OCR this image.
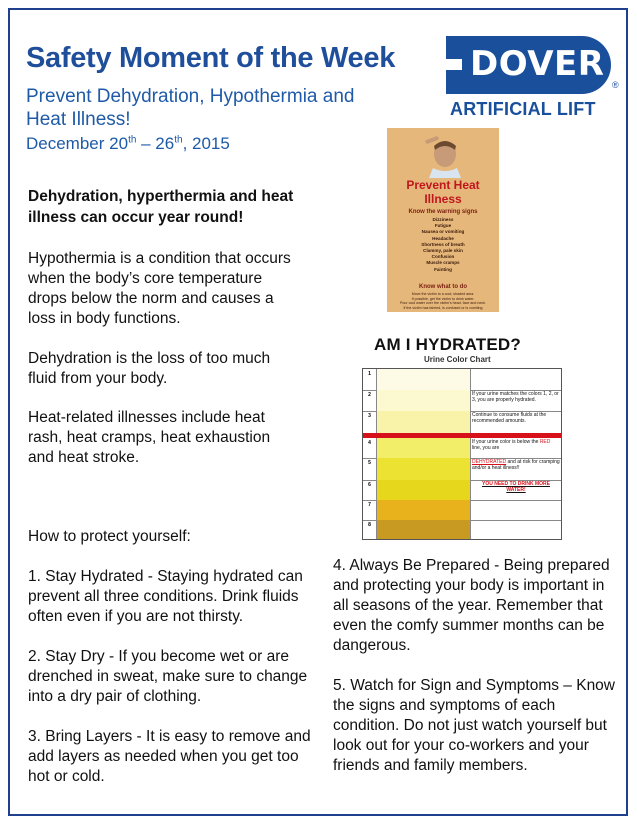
Safety Moment of the Week
Prevent Dehydration, Hypothermia and Heat Illness!
December 20th – 26th, 2015
DOVER
®
ARTIFICIAL LIFT
Dehydration, hyperthermia and heat illness can occur year round!
Hypothermia is a condition that occurs when the body’s core temperature drops below the norm and causes a loss in body functions.
Dehydration is the loss of too much fluid from your body.
Heat-related illnesses include heat rash, heat cramps, heat exhaustion and heat stroke.
Prevent Heat Illness
Know the warning signs
Dizziness
Fatigue
Nausea or vomiting
Headache
Shortness of breath
Clammy, pale skin
Confusion
Muscle cramps
Fainting
Know what to do
Move the victim to a cool, shaded area.
If possible, get the victim to drink water.
Pour cool water over the victim's head, face and neck.
If the victim has fainted, is confused or is vomiting
AM I HYDRATED?
Urine Color Chart
1
2	If your urine matches the colors 1, 2, or 3, you are properly hydrated.
3	Continue to consume fluids at the recommended amounts.
4	If your urine color is below the RED line, you are
5	DEHYDRATED and at risk for cramping and/or a heat illness!!
6	YOU NEED TO DRINK MORE WATER!
7
8

How to protect yourself:

1. Stay Hydrated - Staying hydrated can prevent all three conditions. Drink fluids often even if you are not thirsty.

2. Stay Dry - If you become wet or are drenched in sweat, make sure to change into a dry pair of clothing.

3. Bring Layers - It is easy to remove and add layers as needed when you get too hot or cold.

4. Always Be Prepared - Being prepared and protecting your body is important in all seasons of the year. Remember that even the comfy summer months can be dangerous.

5. Watch for Sign and Symptoms – Know the signs and symptoms of each condition. Do not just watch yourself but look out for your co-workers and your friends and family members.
